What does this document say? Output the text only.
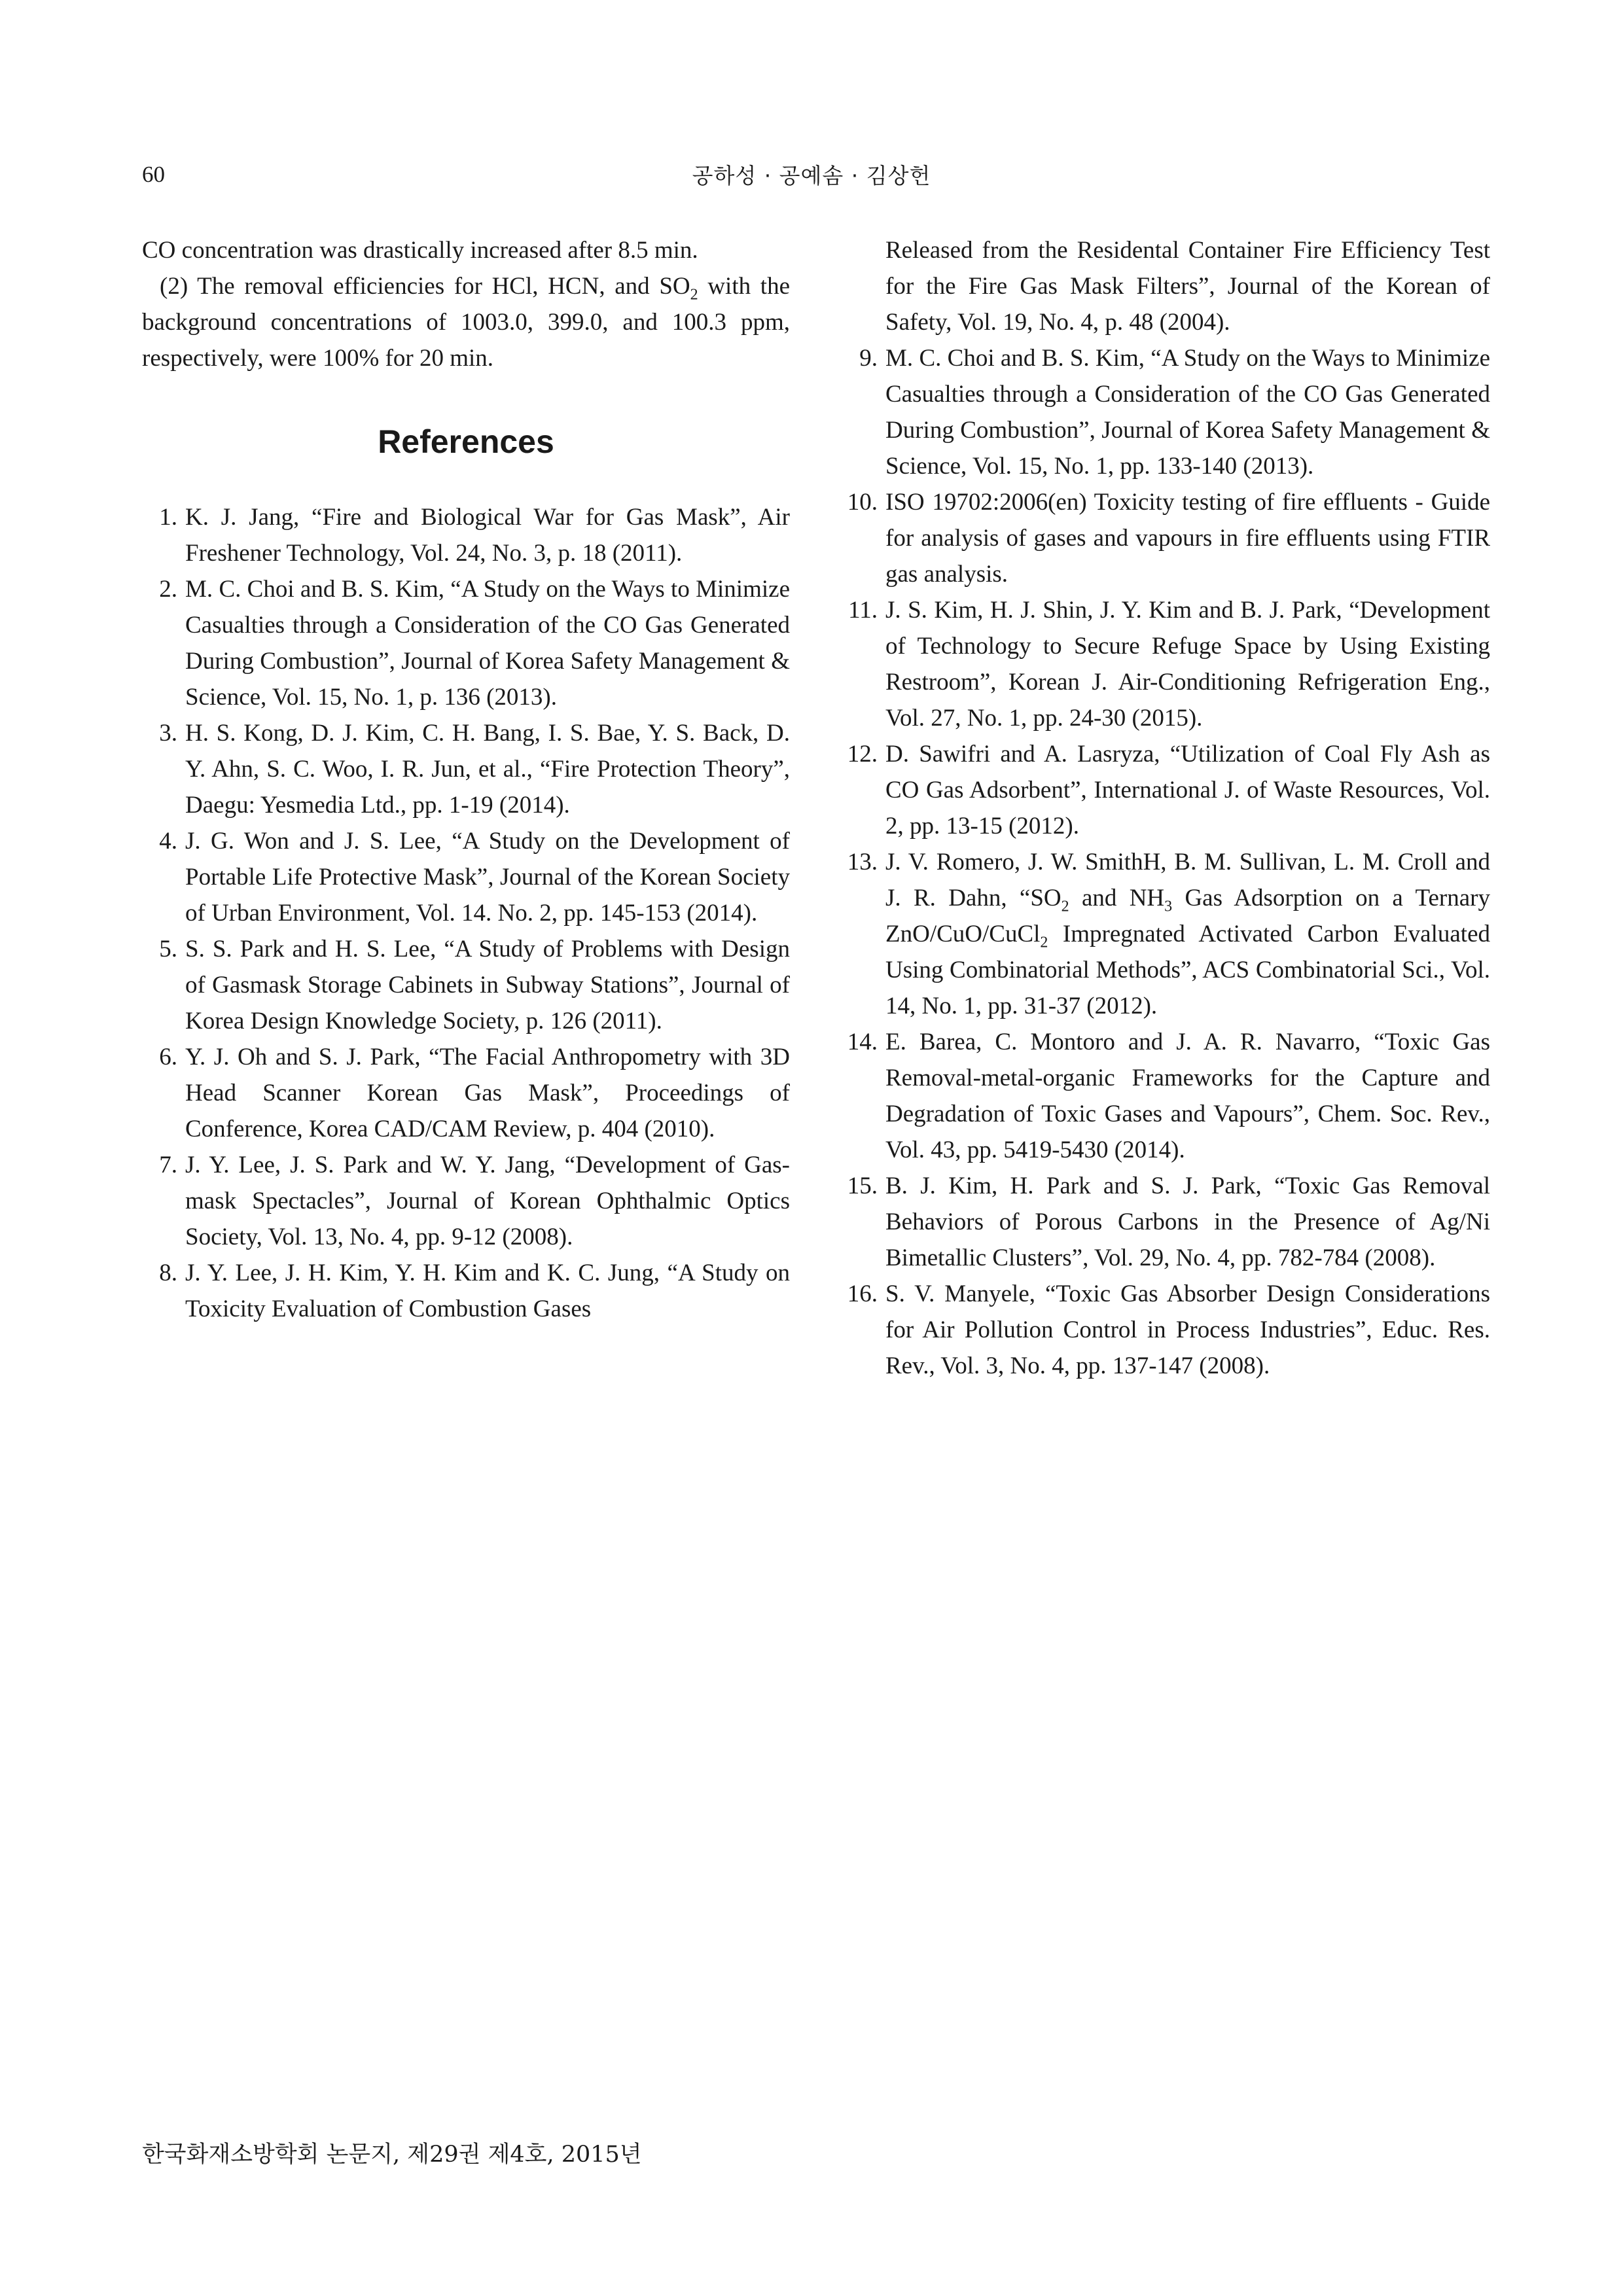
60	공하성 · 공예솜 · 김상헌

CO concentration was drastically increased after 8.5 min.

(2) The removal efficiencies for HCl, HCN, and $SO_2$ with the background concentrations of 1003.0, 399.0, and 100.3 ppm, respectively, were 100% for 20 min.

References
1. K. J. Jang, “Fire and Biological War for Gas Mask”, Air Freshener Technology, Vol. 24, No. 3, p. 18 (2011).
2. M. C. Choi and B. S. Kim, “A Study on the Ways to Minimize Casualties through a Consideration of the CO Gas Generated During Combustion”, Journal of Korea Safety Management & Science, Vol. 15, No. 1, p. 136 (2013).
3. H. S. Kong, D. J. Kim, C. H. Bang, I. S. Bae, Y. S. Back, D. Y. Ahn, S. C. Woo, I. R. Jun, et al., “Fire Protection Theory”, Daegu: Yesmedia Ltd., pp. 1-19 (2014).
4. J. G. Won and J. S. Lee, “A Study on the Development of Portable Life Protective Mask”, Journal of the Korean Society of Urban Environment, Vol. 14. No. 2, pp. 145-153 (2014).
5. S. S. Park and H. S. Lee, “A Study of Problems with Design of Gasmask Storage Cabinets in Subway Stations”, Journal of Korea Design Knowledge Society, p. 126 (2011).
6. Y. J. Oh and S. J. Park, “The Facial Anthropometry with 3D Head Scanner Korean Gas Mask”, Proceedings of Conference, Korea CAD/CAM Review, p. 404 (2010).
7. J. Y. Lee, J. S. Park and W. Y. Jang, “Development of Gas-mask Spectacles”, Journal of Korean Ophthalmic Optics Society, Vol. 13, No. 4, pp. 9-12 (2008).
8. J. Y. Lee, J. H. Kim, Y. H. Kim and K. C. Jung, “A Study on Toxicity Evaluation of Combustion Gases
Released from the Residental Container Fire Efficiency Test for the Fire Gas Mask Filters”, Journal of the Korean of Safety, Vol. 19, No. 4, p. 48 (2004).
9. M. C. Choi and B. S. Kim, “A Study on the Ways to Minimize Casualties through a Consideration of the CO Gas Generated During Combustion”, Journal of Korea Safety Management & Science, Vol. 15, No. 1, pp. 133-140 (2013).
10. ISO 19702:2006(en) Toxicity testing of fire effluents - Guide for analysis of gases and vapours in fire effluents using FTIR gas analysis.
11. J. S. Kim, H. J. Shin, J. Y. Kim and B. J. Park, “Development of Technology to Secure Refuge Space by Using Existing Restroom”, Korean J. Air-Conditioning Refrigeration Eng., Vol. 27, No. 1, pp. 24-30 (2015).
12. D. Sawifri and A. Lasryza, “Utilization of Coal Fly Ash as CO Gas Adsorbent”, International J. of Waste Resources, Vol. 2, pp. 13-15 (2012).
13. J. V. Romero, J. W. SmithH, B. M. Sullivan, L. M. Croll and J. R. Dahn, “$SO_2$ and $NH_3$ Gas Adsorption on a Ternary ZnO/CuO/CuCl$_2$ Impregnated Activated Carbon Evaluated Using Combinatorial Methods”, ACS Combinatorial Sci., Vol. 14, No. 1, pp. 31-37 (2012).
14. E. Barea, C. Montoro and J. A. R. Navarro, “Toxic Gas Removal-metal-organic Frameworks for the Capture and Degradation of Toxic Gases and Vapours”, Chem. Soc. Rev., Vol. 43, pp. 5419-5430 (2014).
15. B. J. Kim, H. Park and S. J. Park, “Toxic Gas Removal Behaviors of Porous Carbons in the Presence of Ag/Ni Bimetallic Clusters”, Vol. 29, No. 4, pp. 782-784 (2008).
16. S. V. Manyele, “Toxic Gas Absorber Design Considerations for Air Pollution Control in Process Industries”, Educ. Res. Rev., Vol. 3, No. 4, pp. 137-147 (2008).
한국화재소방학회 논문지, 제29권 제4호, 2015년
